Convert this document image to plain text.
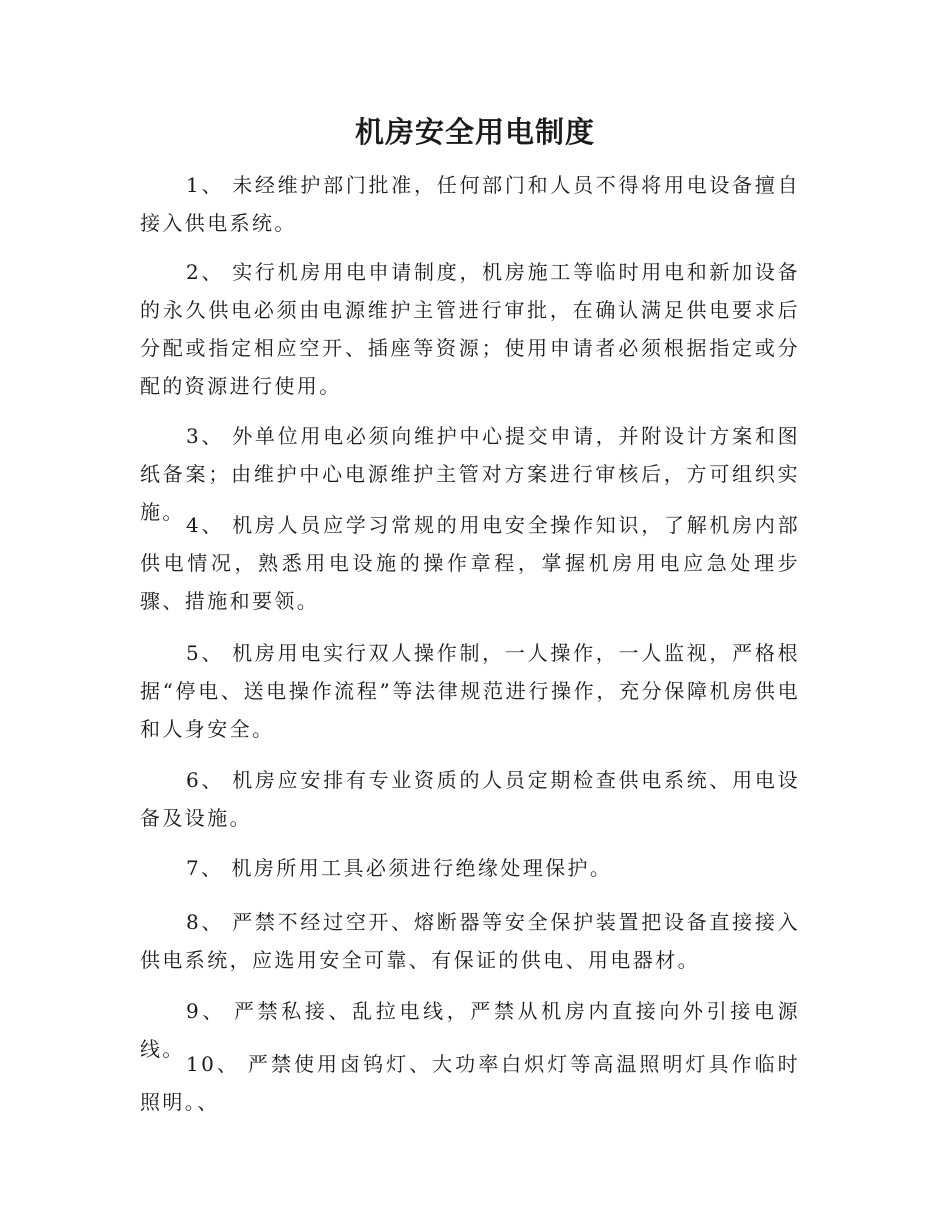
机房安全用电制度

1、 未经维护部门批准，任何部门和人员不得将用电设备擅自接入供电系统。

2、 实行机房用电申请制度，机房施工等临时用电和新加设备的永久供电必须由电源维护主管进行审批，在确认满足供电要求后分配或指定相应空开、插座等资源；使用申请者必须根据指定或分配的资源进行使用。

3、 外单位用电必须向维护中心提交申请，并附设计方案和图纸备案；由维护中心电源维护主管对方案进行审核后，方可组织实施。

4、 机房人员应学习常规的用电安全操作知识，了解机房内部供电情况，熟悉用电设施的操作章程，掌握机房用电应急处理步骤、措施和要领。

5、 机房用电实行双人操作制，一人操作，一人监视，严格根据“停电、送电操作流程”等法律规范进行操作，充分保障机房供电和人身安全。

6、 机房应安排有专业资质的人员定期检查供电系统、用电设备及设施。

7、 机房所用工具必须进行绝缘处理保护。

8、 严禁不经过空开、熔断器等安全保护装置把设备直接接入供电系统，应选用安全可靠、有保证的供电、用电器材。

9、 严禁私接、乱拉电线，严禁从机房内直接向外引接电源线。

10、 严禁使用卤钨灯、大功率白炽灯等高温照明灯具作临时照明。、
